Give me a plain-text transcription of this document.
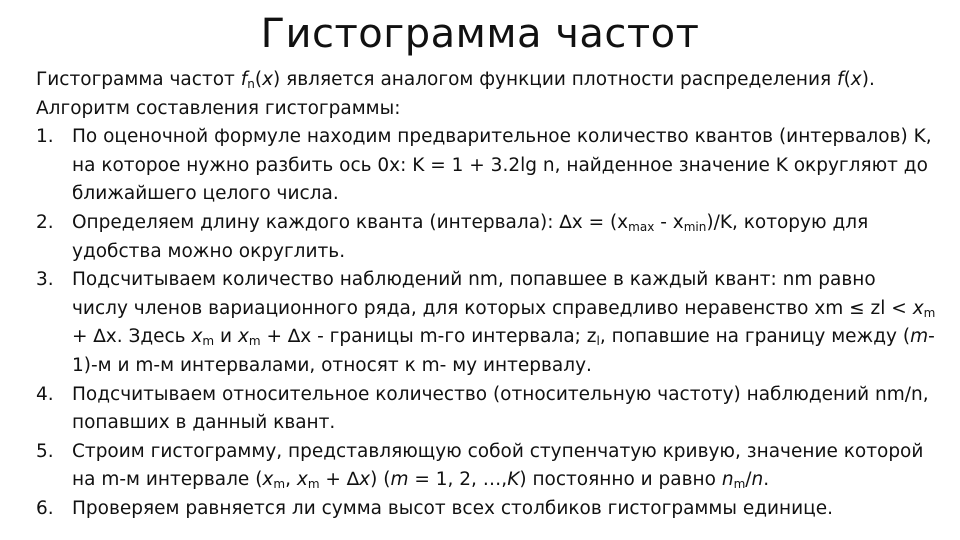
Гистограмма частот

Гистограмма частот $f_n(x)$ является аналогом функции плотности распределения f(x).

Алгоритм составления гистограммы:

1. По оценочной формуле находим предварительное количество квантов (интервалов) K, на которое нужно разбить ось 0x: K = 1 + 3.2lg n, найденное значение K округляют до ближайшего целого числа.
2. Определяем длину каждого кванта (интервала): $\Delta x = (x_{max} - x_{min})/K$, которую для удобства можно округлить.
3. Подсчитываем количество наблюдений nm, попавшее в каждый квант: nm равно числу членов вариационного ряда, для которых справедливо неравенство xm ≤ zl < $x_m + \Delta x$. Здесь $x_m$ и $x_m + \Delta x$ - границы m-го интервала; $z_l$, попавшие на границу между (m-1)-м и m-м интервалами, относят к m- му интервалу.
4. Подсчитываем относительное количество (относительную частоту) наблюдений nm/n, попавших в данный квант.
5. Строим гистограмму, представляющую собой ступенчатую кривую, значение которой на m-м интервале ($x_m$, $x_m + \Delta x$) (m = 1, 2, …,K) постоянно и равно $n_m/n$.
6. Проверяем равняется ли сумма высот всех столбиков гистограммы единице.
